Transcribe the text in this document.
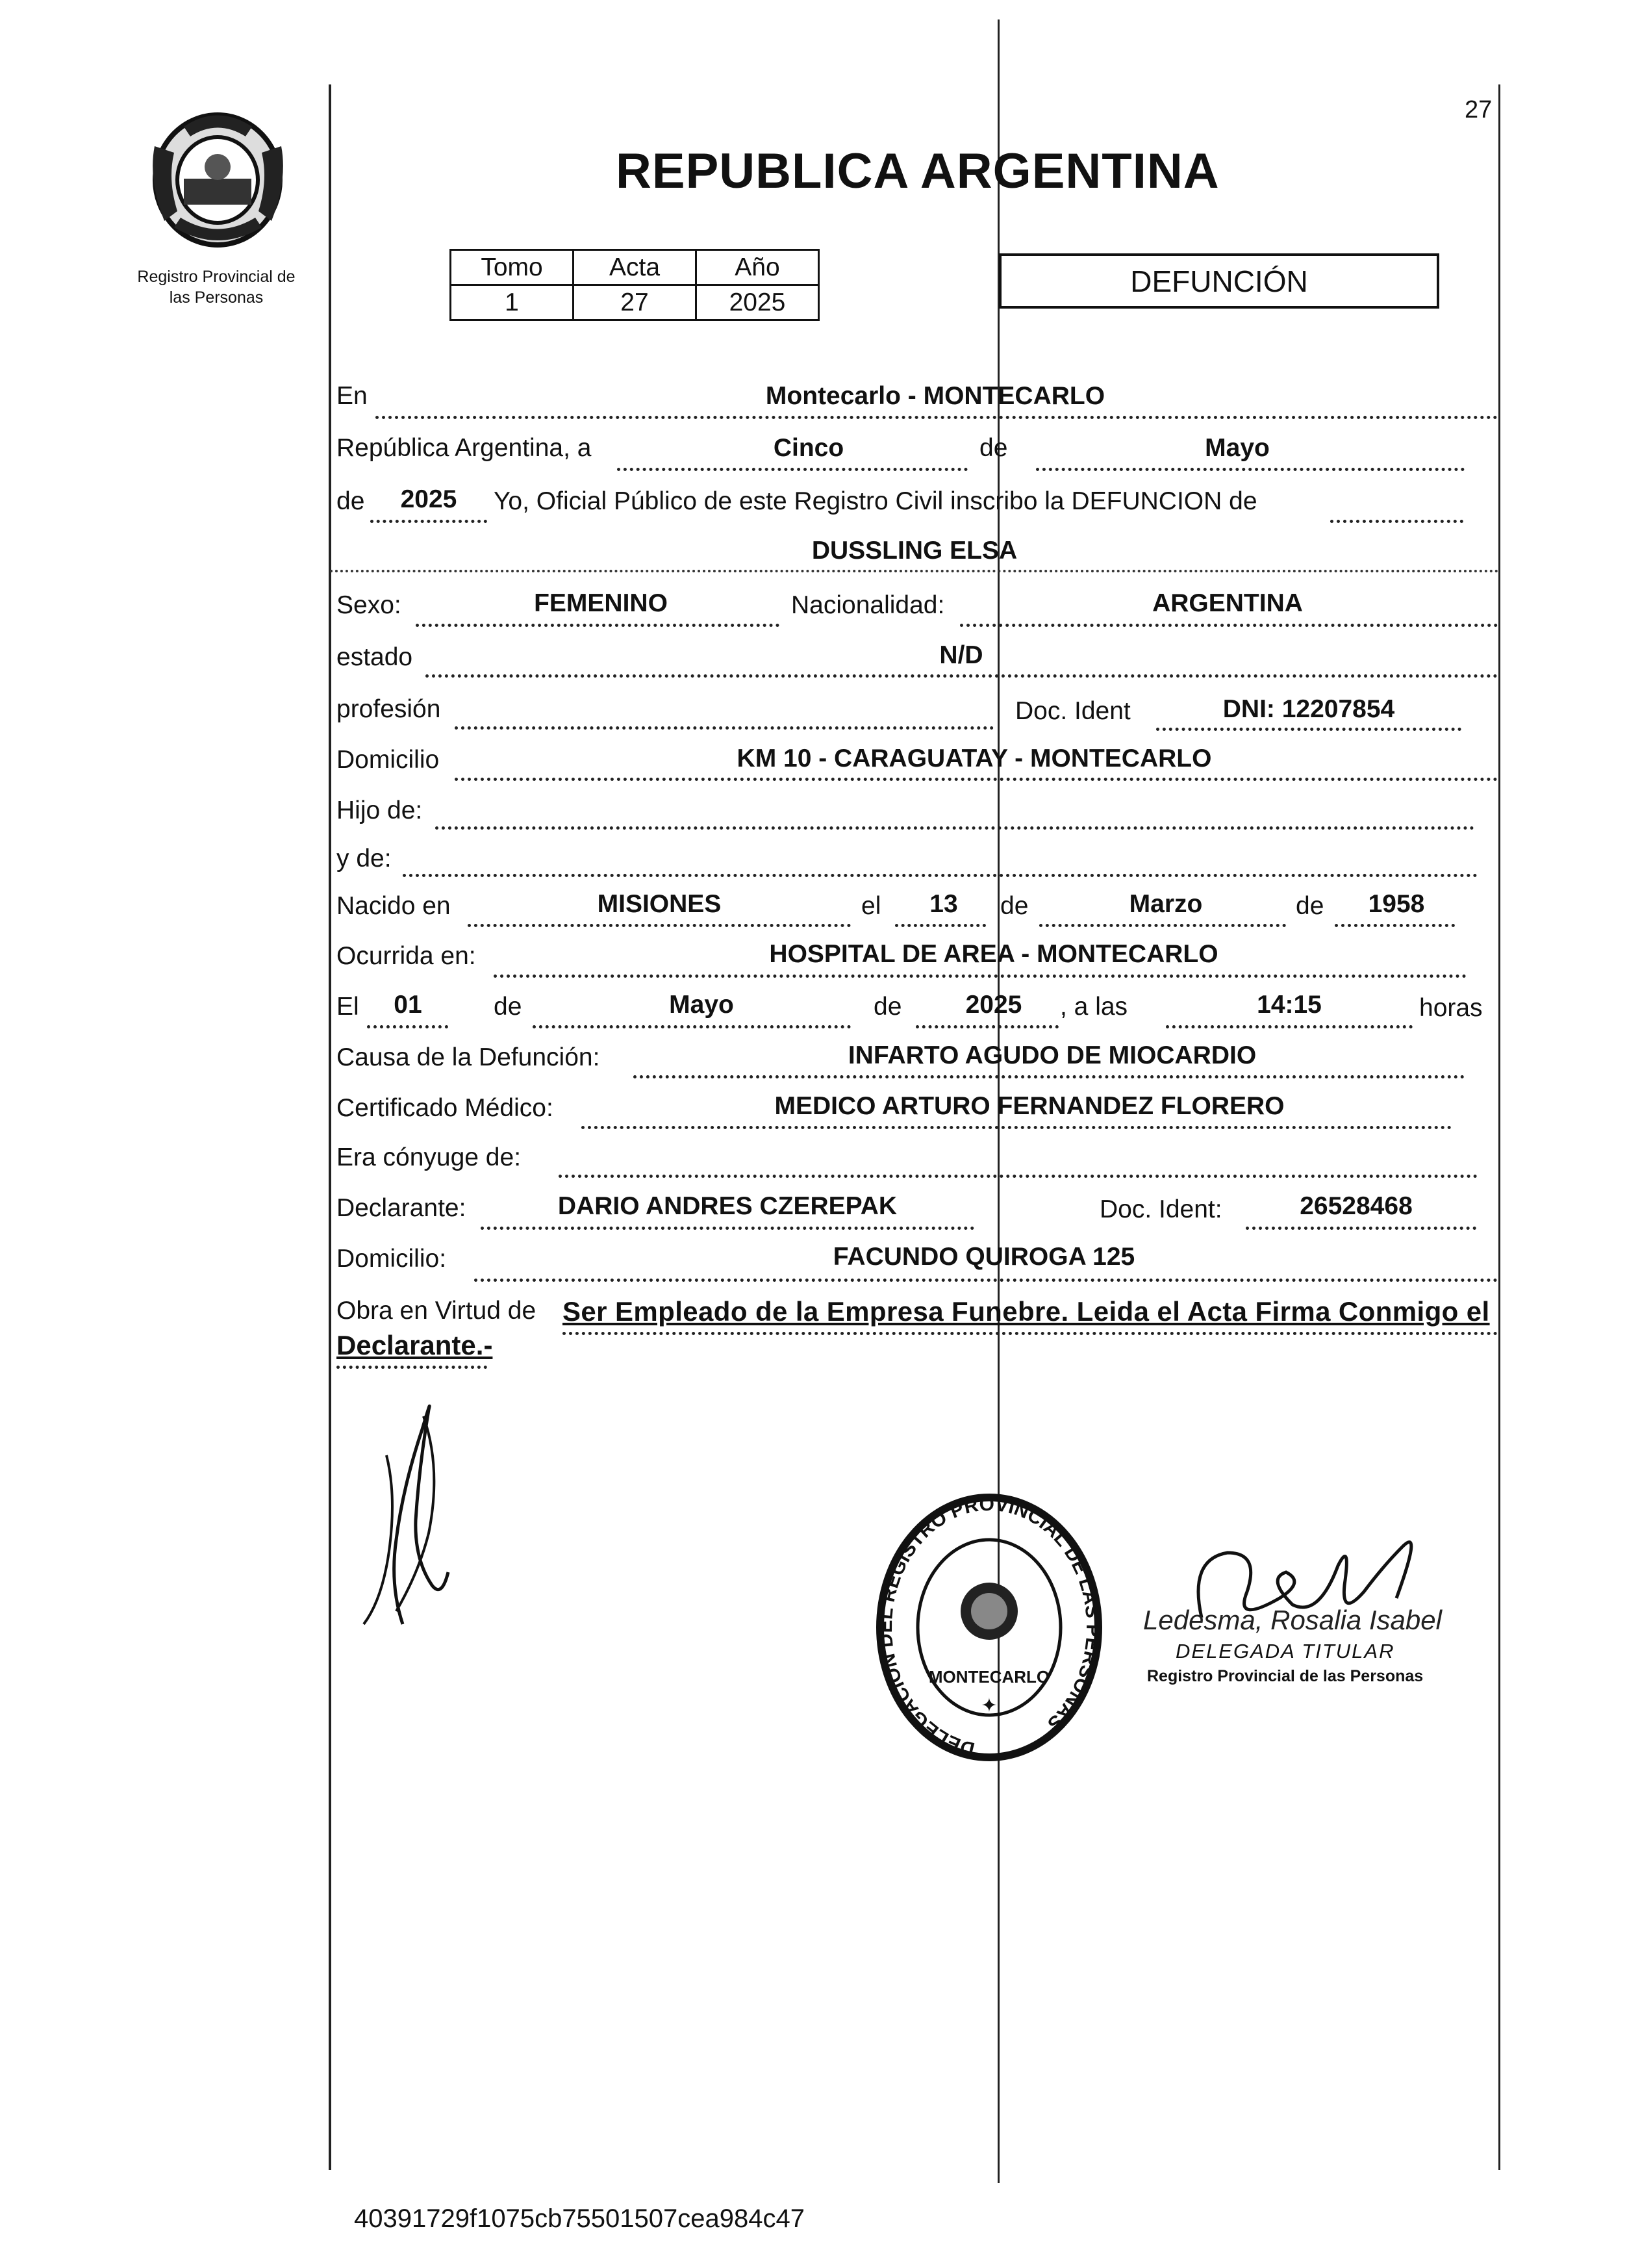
Registro Provincial de
las Personas
27
REPUBLICA ARGENTINA
Tomo	Acta	Año
1	27	2025
DEFUNCIÓN
En	Montecarlo - MONTECARLO
República Argentina, a	Cinco	de	Mayo
de	2025	Yo, Oficial Público de este Registro Civil inscribo la DEFUNCION de
DUSSLING ELSA
Sexo:	FEMENINO	Nacionalidad:	ARGENTINA
estado	N/D
profesión	Doc. Ident	DNI: 12207854
Domicilio	KM 10 - CARAGUATAY - MONTECARLO
Hijo de:
y de:
Nacido en	MISIONES	el	13	de	Marzo	de	1958
Ocurrida en:	HOSPITAL DE AREA - MONTECARLO
El	01	de	Mayo	de	2025	, a las	14:15	horas
Causa de la Defunción:	INFARTO AGUDO DE MIOCARDIO
Certificado Médico:	MEDICO ARTURO FERNANDEZ FLORERO
Era cónyuge de:
Declarante:	DARIO ANDRES CZEREPAK	Doc. Ident:	26528468
Domicilio:	FACUNDO QUIROGA 125
Obra en Virtud de Ser Empleado de la Empresa Funebre. Leida el Acta Firma Conmigo el
Declarante.-
DELEGACION DEL REGISTRO PROVINCIAL DE LAS PERSONAS
MONTECARLO
✦
Ledesma, Rosalia Isabel
DELEGADA TITULAR
Registro Provincial de las Personas
40391729f1075cb75501507cea984c47
